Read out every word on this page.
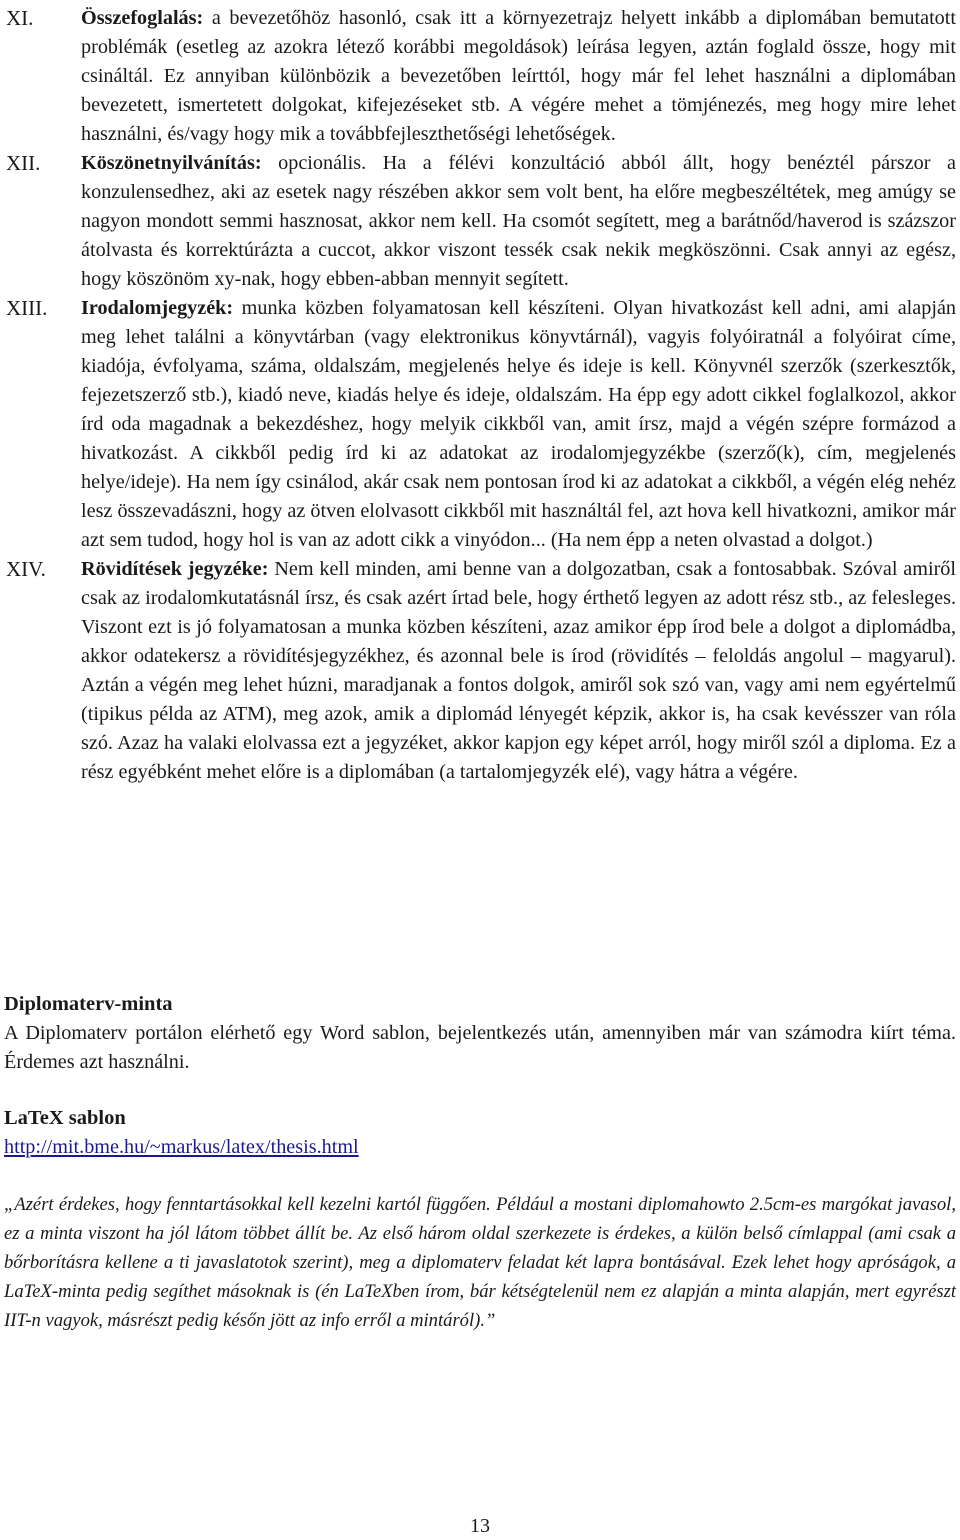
XI.	Összefoglalás: a bevezetőhöz hasonló, csak itt a környezetrajz helyett inkább a diplomában bemutatott problémák (esetleg az azokra létező korábbi megoldások) leírása legyen, aztán foglald össze, hogy mit csináltál. Ez annyiban különbözik a bevezetőben leírttól, hogy már fel lehet használni a diplomában bevezetett, ismertetett dolgokat, kifejezéseket stb. A végére mehet a tömjénezés, meg hogy mire lehet használni, és/vagy hogy mik a továbbfejleszthetőségi lehetőségek.
XII.	Köszönetnyilvánítás: opcionális. Ha a félévi konzultáció abból állt, hogy benéztél párszor a konzulensedhez, aki az esetek nagy részében akkor sem volt bent, ha előre megbeszéltétek, meg amúgy se nagyon mondott semmi hasznosat, akkor nem kell. Ha csomót segített, meg a barátnőd/haverod is százszor átolvasta és korrektúrázta a cuccot, akkor viszont tessék csak nekik megköszönni. Csak annyi az egész, hogy köszönöm xy-nak, hogy ebben-abban mennyit segített.
XIII.	Irodalomjegyzék: munka közben folyamatosan kell készíteni. Olyan hivatkozást kell adni, ami alapján meg lehet találni a könyvtárban (vagy elektronikus könyvtárnál), vagyis folyóiratnál a folyóirat címe, kiadója, évfolyama, száma, oldalszám, megjelenés helye és ideje is kell. Könyvnél szerzők (szerkesztők, fejezetszerző stb.), kiadó neve, kiadás helye és ideje, oldalszám. Ha épp egy adott cikkel foglalkozol, akkor írd oda magadnak a bekezdéshez, hogy melyik cikkből van, amit írsz, majd a végén szépre formázod a hivatkozást. A cikkből pedig írd ki az adatokat az irodalomjegyzékbe (szerző(k), cím, megjelenés helye/ideje). Ha nem így csinálod, akár csak nem pontosan írod ki az adatokat a cikkből, a végén elég nehéz lesz összevadászni, hogy az ötven elolvasott cikkből mit használtál fel, azt hova kell hivatkozni, amikor már azt sem tudod, hogy hol is van az adott cikk a vinyódon... (Ha nem épp a neten olvastad a dolgot.)
XIV.	Rövidítések jegyzéke: Nem kell minden, ami benne van a dolgozatban, csak a fontosabbak. Szóval amiről csak az irodalomkutatásnál írsz, és csak azért írtad bele, hogy érthető legyen az adott rész stb., az felesleges. Viszont ezt is jó folyamatosan a munka közben készíteni, azaz amikor épp írod bele a dolgot a diplomádba, akkor odatekersz a rövidítésjegyzékhez, és azonnal bele is írod (rövidítés – feloldás angolul – magyarul). Aztán a végén meg lehet húzni, maradjanak a fontos dolgok, amiről sok szó van, vagy ami nem egyértelmű (tipikus példa az ATM), meg azok, amik a diplomád lényegét képzik, akkor is, ha csak kevésszer van róla szó. Azaz ha valaki elolvassa ezt a jegyzéket, akkor kapjon egy képet arról, hogy miről szól a diploma. Ez a rész egyébként mehet előre is a diplomában (a tartalomjegyzék elé), vagy hátra a végére.
Diplomaterv-minta

A Diplomaterv portálon elérhető egy Word sablon, bejelentkezés után, amennyiben már van számodra kiírt téma. Érdemes azt használni.

LaTeX sablon

http://mit.bme.hu/~markus/latex/thesis.html

„Azért érdekes, hogy fenntartásokkal kell kezelni kartól függően. Például a mostani diplomahowto 2.5cm-es margókat javasol, ez a minta viszont ha jól látom többet állít be. Az első három oldal szerkezete is érdekes, a külön belső címlappal (ami csak a bőrborításra kellene a ti javaslatotok szerint), meg a diplomaterv feladat két lapra bontásával. Ezek lehet hogy apróságok, a LaTeX-minta pedig segíthet másoknak is (én LaTeXben írom, bár kétségtelenül nem ez alapján a minta alapján, mert egyrészt IIT-n vagyok, másrészt pedig későn jött az info erről a mintáról).”

13
